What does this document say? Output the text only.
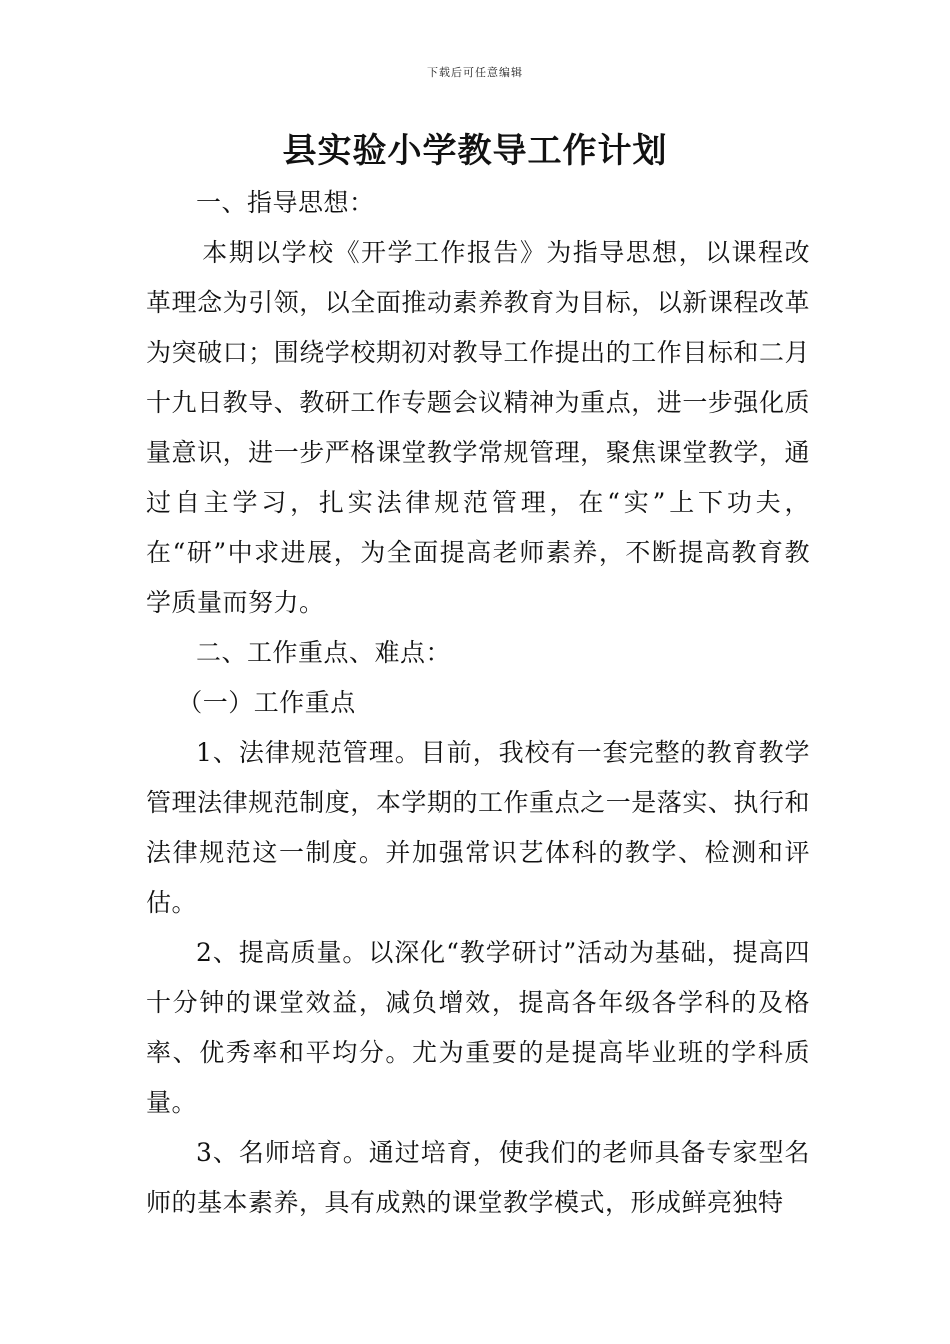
下载后可任意编辑
县实验小学教导工作计划

一、指导思想：

本期以学校《开学工作报告》为指导思想，以课程改革理念为引领，以全面推动素养教育为目标，以新课程改革为突破口；围绕学校期初对教导工作提出的工作目标和二月十九日教导、教研工作专题会议精神为重点，进一步强化质量意识，进一步严格课堂教学常规管理，聚焦课堂教学，通过自主学习，扎实法律规范管理，在“实”上下功夫，在“研”中求进展，为全面提高老师素养，不断提高教育教学质量而努力。

二、工作重点、难点：

（一）工作重点

1、法律规范管理。目前，我校有一套完整的教育教学管理法律规范制度，本学期的工作重点之一是落实、执行和法律规范这一制度。并加强常识艺体科的教学、检测和评估。

2、提高质量。以深化“教学研讨”活动为基础，提高四十分钟的课堂效益，减负增效，提高各年级各学科的及格率、优秀率和平均分。尤为重要的是提高毕业班的学科质量。

3、名师培育。通过培育，使我们的老师具备专家型名师的基本素养，具有成熟的课堂教学模式，形成鲜亮独特
